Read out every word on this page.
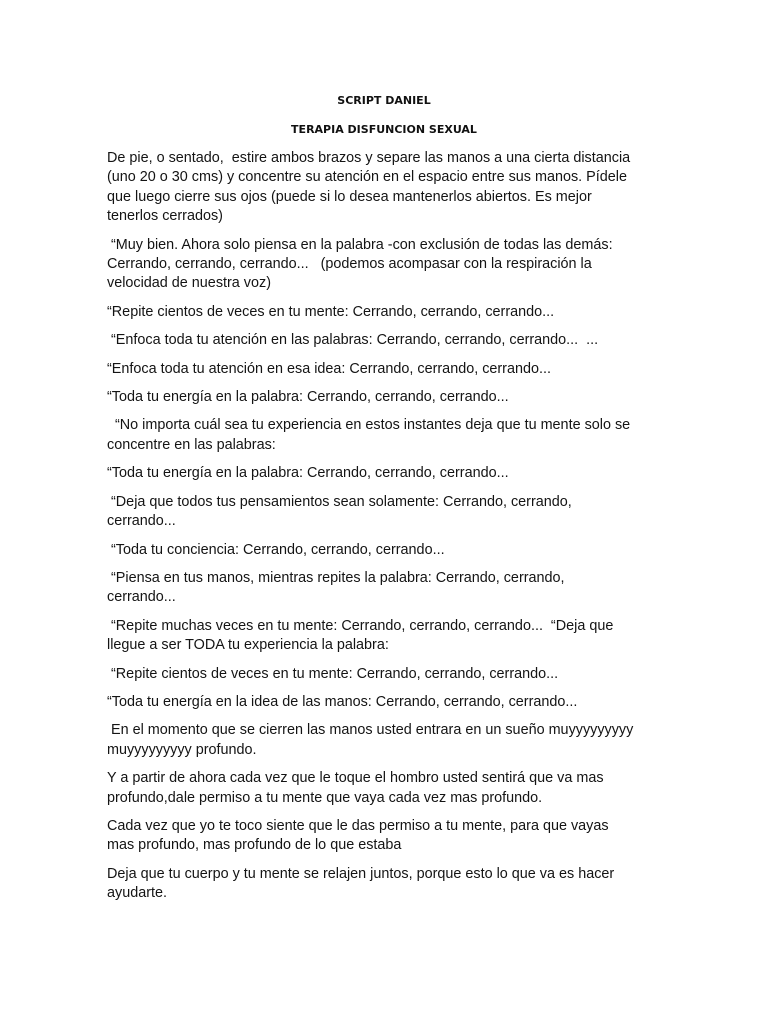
SCRIPT DANIEL
TERAPIA DISFUNCION SEXUAL

De pie, o sentado,  estire ambos brazos y separe las manos a una cierta distancia
(uno 20 o 30 cms) y concentre su atención en el espacio entre sus manos. Pídele
que luego cierre sus ojos (puede si lo desea mantenerlos abiertos. Es mejor
tenerlos cerrados)

“Muy bien. Ahora solo piensa en la palabra -con exclusión de todas las demás:
Cerrando, cerrando, cerrando...   (podemos acompasar con la respiración la
velocidad de nuestra voz)

“Repite cientos de veces en tu mente: Cerrando, cerrando, cerrando...

“Enfoca toda tu atención en las palabras: Cerrando, cerrando, cerrando...  ...

“Enfoca toda tu atención en esa idea: Cerrando, cerrando, cerrando...

“Toda tu energía en la palabra: Cerrando, cerrando, cerrando...

“No importa cuál sea tu experiencia en estos instantes deja que tu mente solo se
concentre en las palabras:

“Toda tu energía en la palabra: Cerrando, cerrando, cerrando...

“Deja que todos tus pensamientos sean solamente: Cerrando, cerrando,
cerrando...

“Toda tu conciencia: Cerrando, cerrando, cerrando...

“Piensa en tus manos, mientras repites la palabra: Cerrando, cerrando,
cerrando...

“Repite muchas veces en tu mente: Cerrando, cerrando, cerrando...  “Deja que
llegue a ser TODA tu experiencia la palabra:

“Repite cientos de veces en tu mente: Cerrando, cerrando, cerrando...

“Toda tu energía en la idea de las manos: Cerrando, cerrando, cerrando...

En el momento que se cierren las manos usted entrara en un sueño muyyyyyyyyy
muyyyyyyyyy profundo.

Y a partir de ahora cada vez que le toque el hombro usted sentirá que va mas
profundo,dale permiso a tu mente que vaya cada vez mas profundo.

Cada vez que yo te toco siente que le das permiso a tu mente, para que vayas
mas profundo, mas profundo de lo que estaba

Deja que tu cuerpo y tu mente se relajen juntos, porque esto lo que va es hacer
ayudarte.
